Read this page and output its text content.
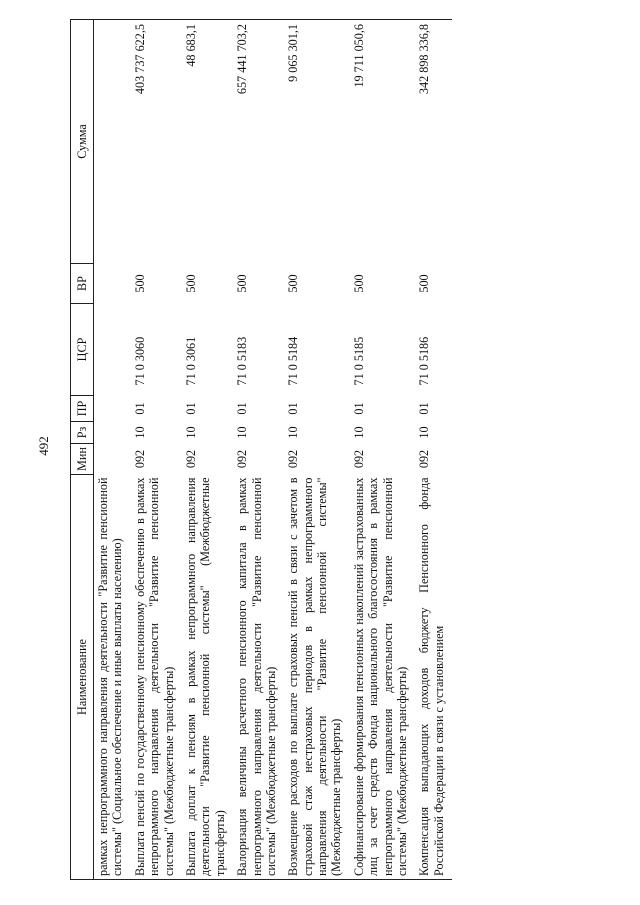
492
Наименование	Мин	Рз	ПР	ЦСР	ВР	Сумма
рамках непрограммного направления деятельности "Развитие пенсионной системы" (Социальное обеспечение и иные выплаты населению)						
Выплата пенсий по государственному пенсионному обеспечению в рамках непрограммного направления деятельности "Развитие пенсионной системы" (Межбюджетные трансферты)	092	10	01	71 0 3060	500	403 737 622,5
Выплата доплат к пенсиям в рамках непрограммного направления деятельности "Развитие пенсионной системы" (Межбюджетные трансферты)	092	10	01	71 0 3061	500	48 683,1
Валоризация величины расчетного пенсионного капитала в рамках непрограммного направления деятельности "Развитие пенсионной системы" (Межбюджетные трансферты)	092	10	01	71 0 5183	500	657 441 703,2
Возмещение расходов по выплате страховых пенсий в связи с зачетом в страховой стаж нестраховых периодов в рамках непрограммного направления деятельности "Развитие пенсионной системы" (Межбюджетные трансферты)	092	10	01	71 0 5184	500	9 065 301,1
Софинансирование формирования пенсионных накоплений застрахованных лиц за счет средств Фонда национального благосостояния в рамках непрограммного направления деятельности "Развитие пенсионной системы" (Межбюджетные трансферты)	092	10	01	71 0 5185	500	19 711 050,6
Компенсация выпадающих доходов бюджету Пенсионного фонда Российской Федерации в связи с установлением	092	10	01	71 0 5186	500	342 898 336,8
